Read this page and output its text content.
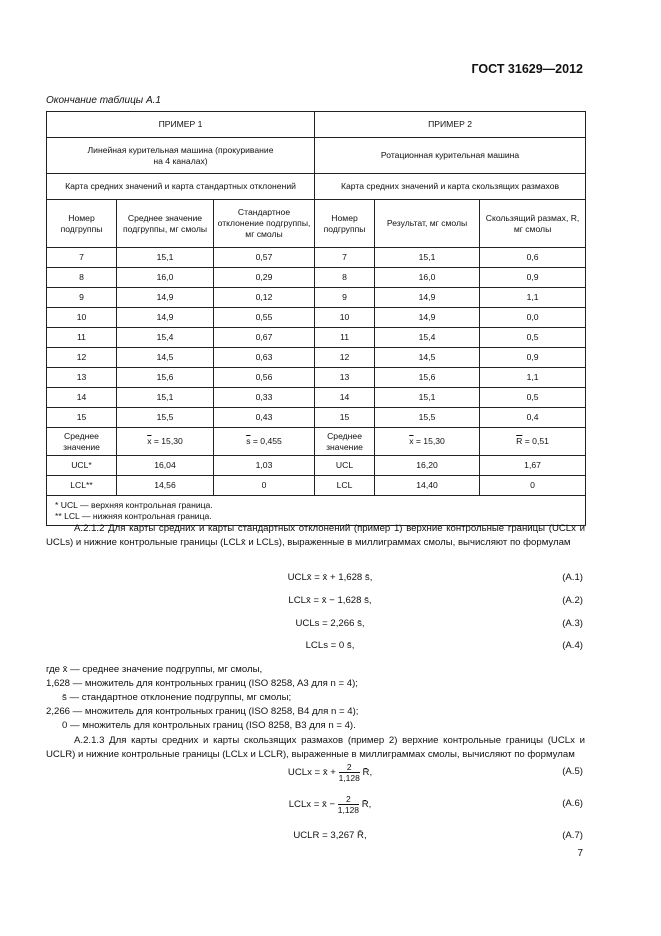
ГОСТ 31629—2012
Окончание таблицы А.1
ПРИМЕР 1			ПРИМЕР 2		
Линейная курительная машина (прокуривание на 4 каналах)			Ротационная курительная машина		
Карта средних значений и карта стандартных отклонений			Карта средних значений и карта скользящих размахов		
Номер подгруппы	Среднее значение подгруппы, мг смолы	Стандартное отклонение подгруппы, мг смолы	Номер подгруппы	Результат, мг смолы	Скользящий размах, R, мг смолы
7	15,1	0,57	7	15,1	0,6
8	16,0	0,29	8	16,0	0,9
9	14,9	0,12	9	14,9	1,1
10	14,9	0,55	10	14,9	0,0
11	15,4	0,67	11	15,4	0,5
12	14,5	0,63	12	14,5	0,9
13	15,6	0,56	13	15,6	1,1
14	15,1	0,33	14	15,1	0,5
15	15,5	0,43	15	15,5	0,4
Среднее значение	$\overline{x} = 15,30$	$\overline{s} = 0,455$	Среднее значение	$\overline{x} = 15,30$	$\overline{R} = 0,51$
UCL*	16,04	1,03	UCL	16,20	1,67
LCL**	14,56	0	LCL	14,40	0

* UCL — верхняя контрольная граница.
** LCL — нижняя контрольная граница.					
А.2.1.2 Для карты средних и карты стандартных отклонений (пример 1) верхние контрольные границы (UCLx̄ и UCLs) и нижние контрольные границы (LCLx̄ и LCLs), выраженные в миллиграммах смолы, вычисляют по формулам
UCLx̄ = x̄ + 1,628 s̄,	(А.1)
LCLx̄ = x̄ − 1,628 s̄,	(А.2)
UCLs = 2,266 s̄,	(А.3)
LCLs = 0 s̄,	(А.4)
где x̄ — среднее значение подгруппы, мг смолы,
1,628 — множитель для контрольных границ (ISO 8258, A3 для n = 4);
s̄ — стандартное отклонение подгруппы, мг смолы;
2,266 — множитель для контрольных границ (ISO 8258, B4 для n = 4);
0 — множитель для контрольных границ (ISO 8258, B3 для n = 4).
А.2.1.3 Для карты средних и карты скользящих размахов (пример 2) верхние контрольные границы (UCLx и UCLR) и нижние контрольные границы (LCLx и LCLR), выраженные в миллиграммах смолы, вычисляют по формулам
UCLx = x̄ + $\frac{2}{1,128}$ R̄,	(А.5)
LCLx = x̄ − $\frac{2}{1,128}$ R̄,	(А.6)
UCLR = 3,267 R̄,	(А.7)
7
